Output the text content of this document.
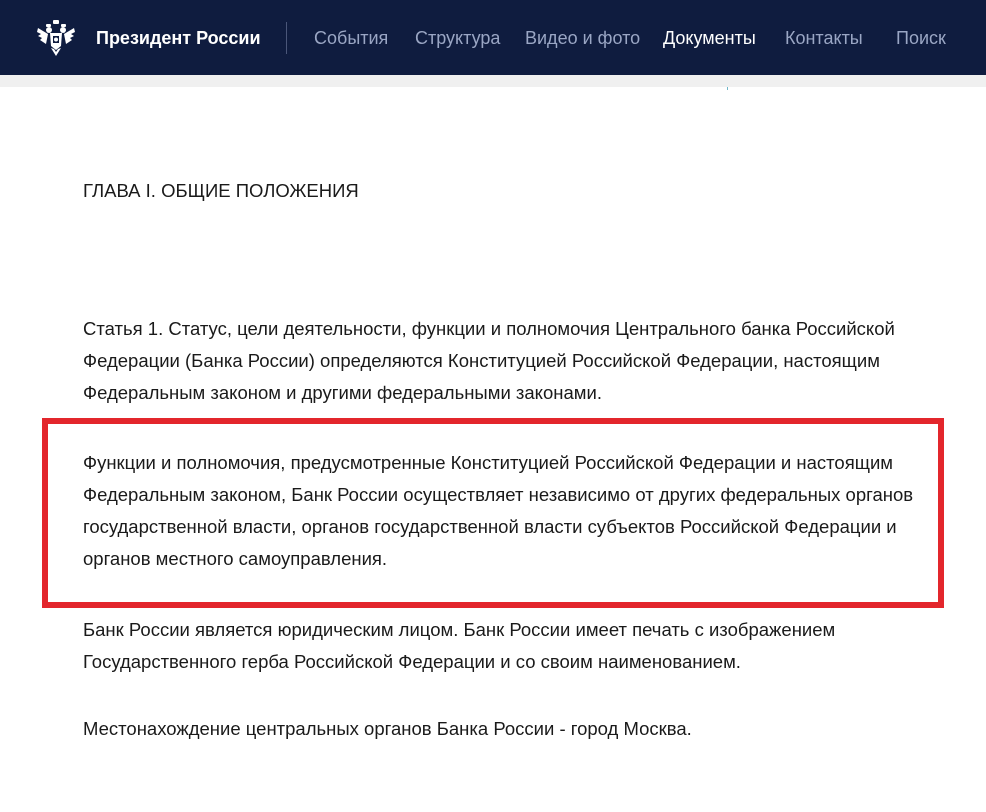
Президент России	События Структура Видео и фото Документы Контакты Поиск

ГЛАВА I. ОБЩИЕ ПОЛОЖЕНИЯ

Статья 1. Статус, цели деятельности, функции и полномочия Центрального банка Российской Федерации (Банка России) определяются Конституцией Российской Федерации, настоящим Федеральным законом и другими федеральными законами.

Функции и полномочия, предусмотренные Конституцией Российской Федерации и настоящим Федеральным законом, Банк России осуществляет независимо от других федеральных органов государственной власти, органов государственной власти субъектов Российской Федерации и органов местного самоуправления.

Банк России является юридическим лицом. Банк России имеет печать с изображением Государственного герба Российской Федерации и со своим наименованием.

Местонахождение центральных органов Банка России - город Москва.
